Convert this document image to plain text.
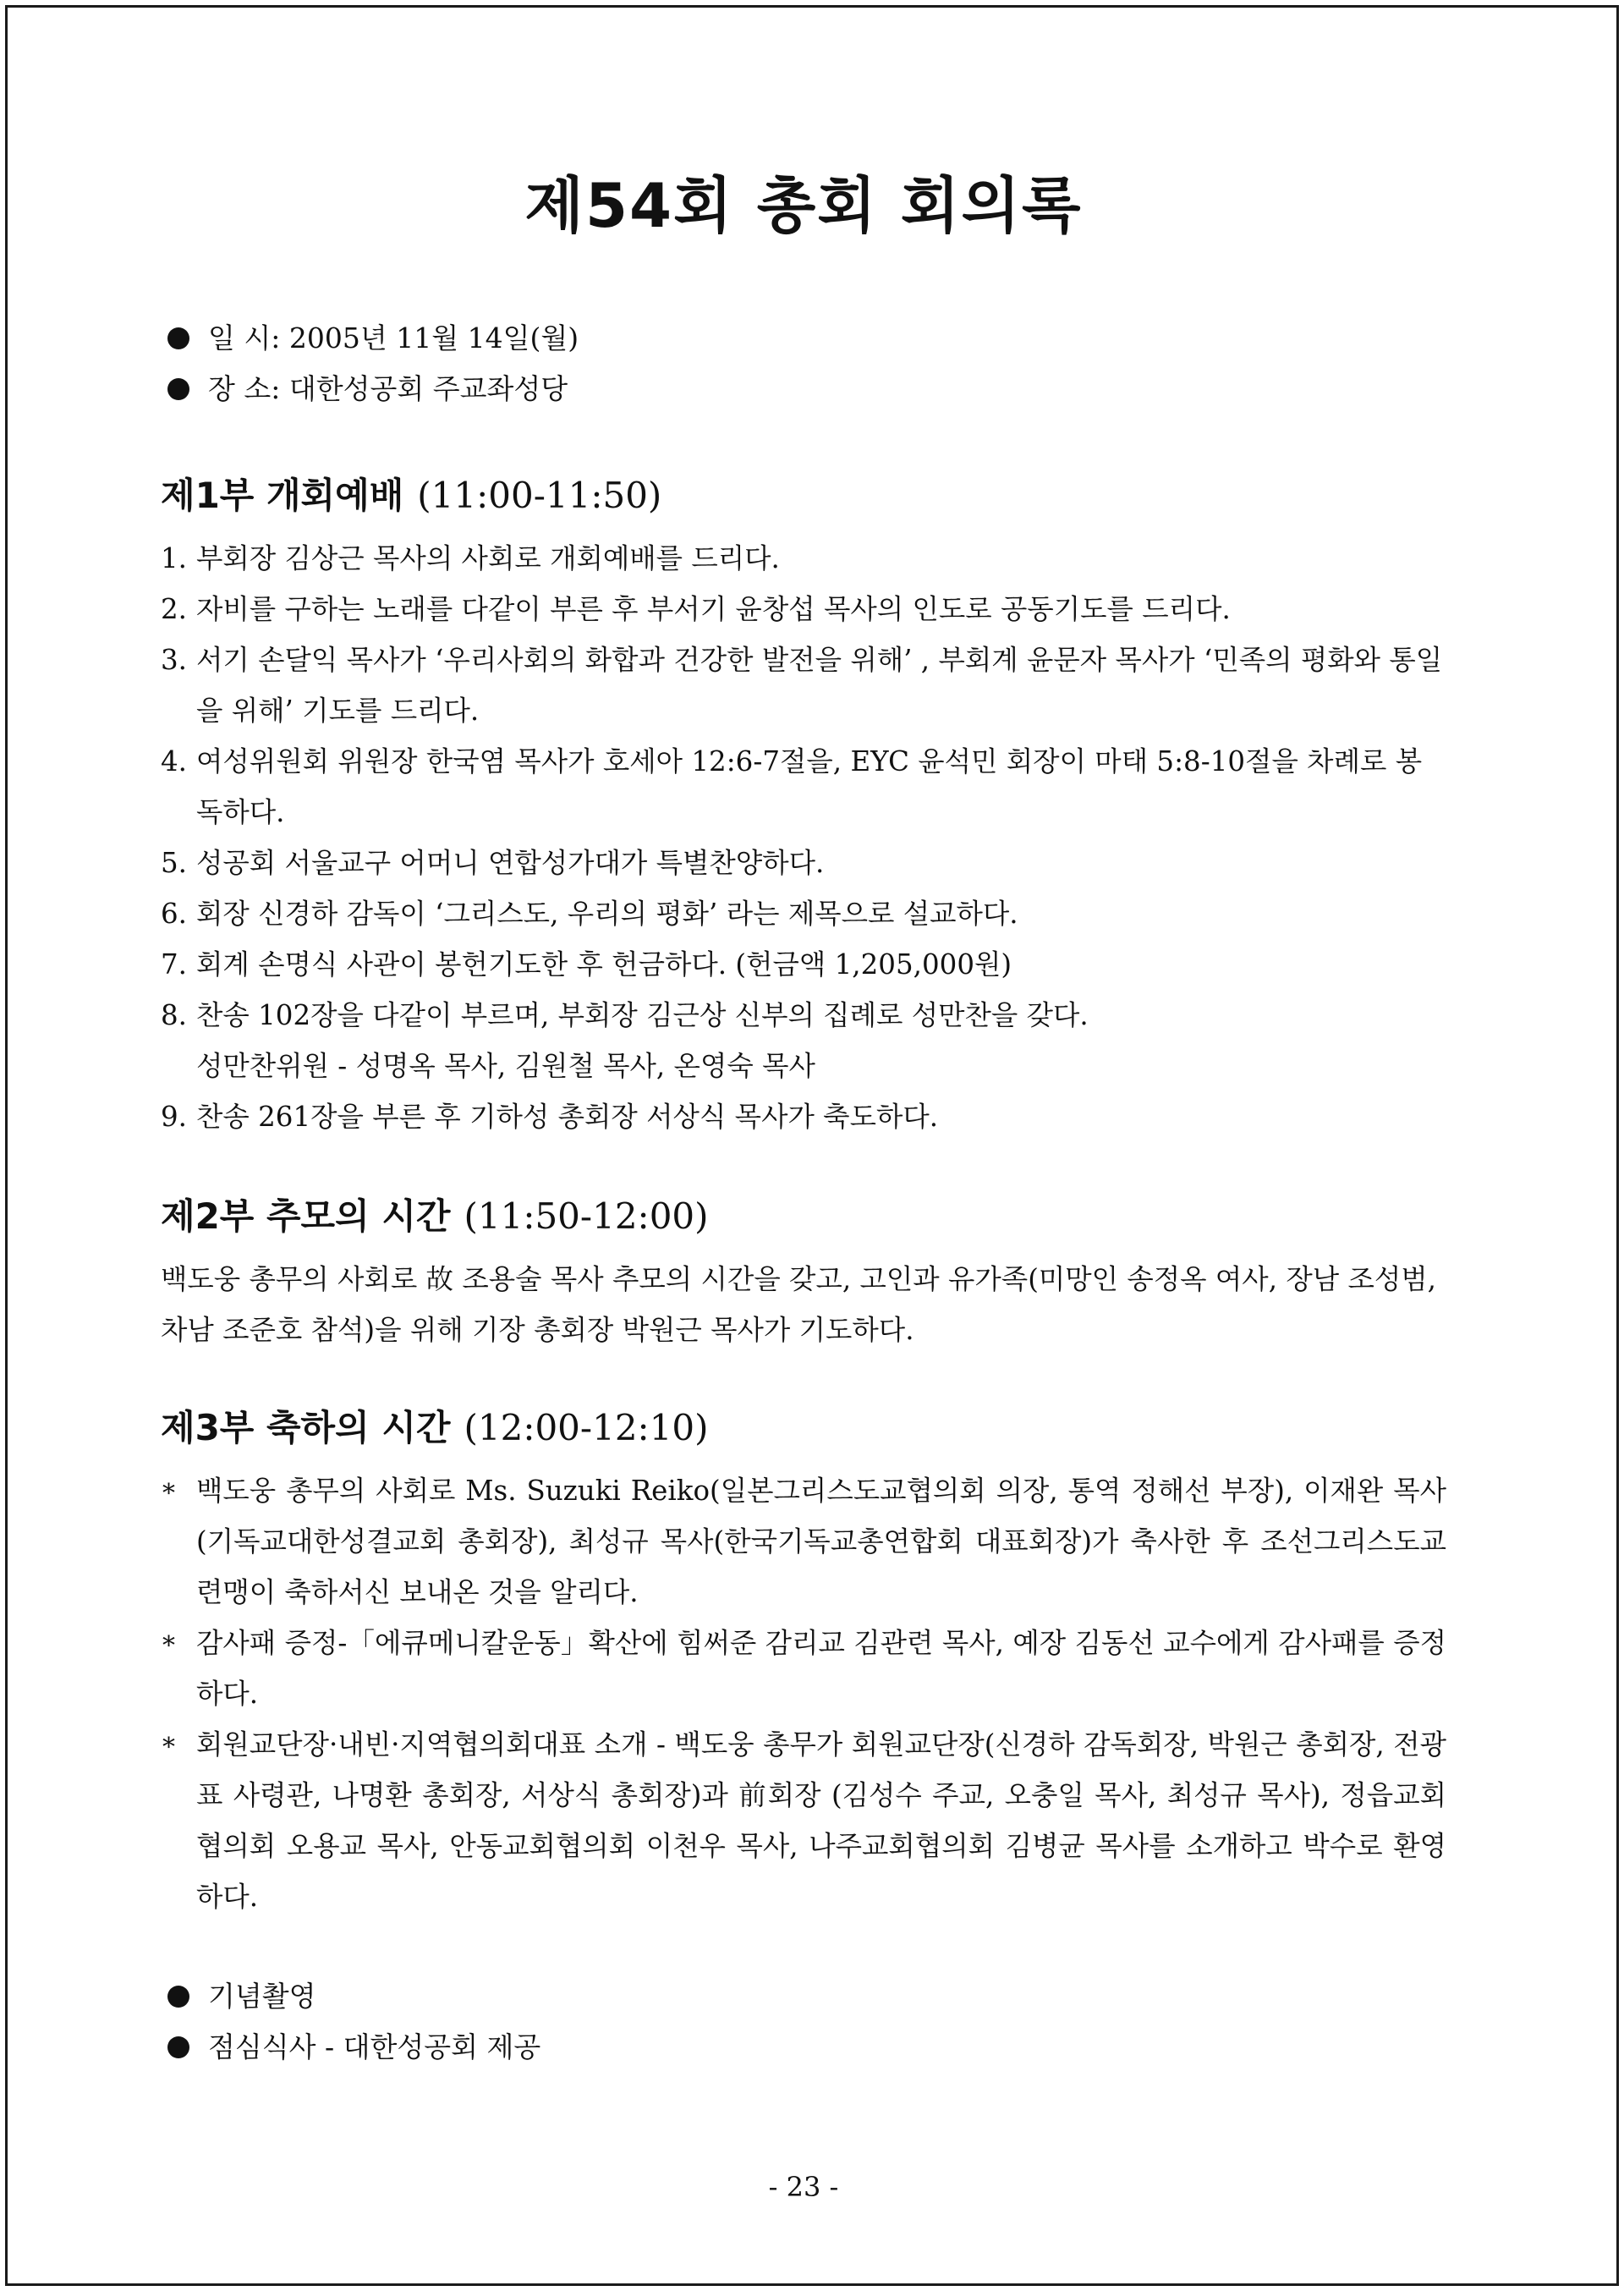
제54회 총회 회의록
일 시: 2005년 11월 14일(월)
장 소: 대한성공회 주교좌성당
제1부 개회예배 (11:00-11:50)
1. 부회장 김상근 목사의 사회로 개회예배를 드리다.
2. 자비를 구하는 노래를 다같이 부른 후 부서기 윤창섭 목사의 인도로 공동기도를 드리다.
3. 서기 손달익 목사가 ‘우리사회의 화합과 건강한 발전을 위해’ , 부회계 윤문자 목사가 ‘민족의 평화와 통일을 위해’ 기도를 드리다.
4. 여성위원회 위원장 한국염 목사가 호세아 12:6-7절을, EYC 윤석민 회장이 마태 5:8-10절을 차례로 봉독하다.
5. 성공회 서울교구 어머니 연합성가대가 특별찬양하다.
6. 회장 신경하 감독이 ‘그리스도, 우리의 평화’ 라는 제목으로 설교하다.
7. 회계 손명식 사관이 봉헌기도한 후 헌금하다. (헌금액 1,205,000원)
8. 찬송 102장을 다같이 부르며, 부회장 김근상 신부의 집례로 성만찬을 갖다.
성만찬위원 - 성명옥 목사, 김원철 목사, 온영숙 목사
9. 찬송 261장을 부른 후 기하성 총회장 서상식 목사가 축도하다.
제2부 추모의 시간 (11:50-12:00)

백도웅 총무의 사회로 故 조용술 목사 추모의 시간을 갖고, 고인과 유가족(미망인 송정옥 여사, 장남 조성범, 차남 조준호 참석)을 위해 기장 총회장 박원근 목사가 기도하다.

제3부 축하의 시간 (12:00-12:10)
* 백도웅 총무의 사회로 Ms. Suzuki Reiko(일본그리스도교협의회 의장, 통역 정해선 부장), 이재완 목사(기독교대한성결교회 총회장), 최성규 목사(한국기독교총연합회 대표회장)가 축사한 후 조선그리스도교련맹이 축하서신 보내온 것을 알리다.
* 감사패 증정-「에큐메니칼운동」확산에 힘써준 감리교 김관련 목사, 예장 김동선 교수에게 감사패를 증정하다.
* 회원교단장·내빈·지역협의회대표 소개 - 백도웅 총무가 회원교단장(신경하 감독회장, 박원근 총회장, 전광표 사령관, 나명환 총회장, 서상식 총회장)과 前회장 (김성수 주교, 오충일 목사, 최성규 목사), 정읍교회협의회 오용교 목사, 안동교회협의회 이천우 목사, 나주교회협의회 김병균 목사를 소개하고 박수로 환영하다.
기념촬영
점심식사 - 대한성공회 제공
- 23 -
